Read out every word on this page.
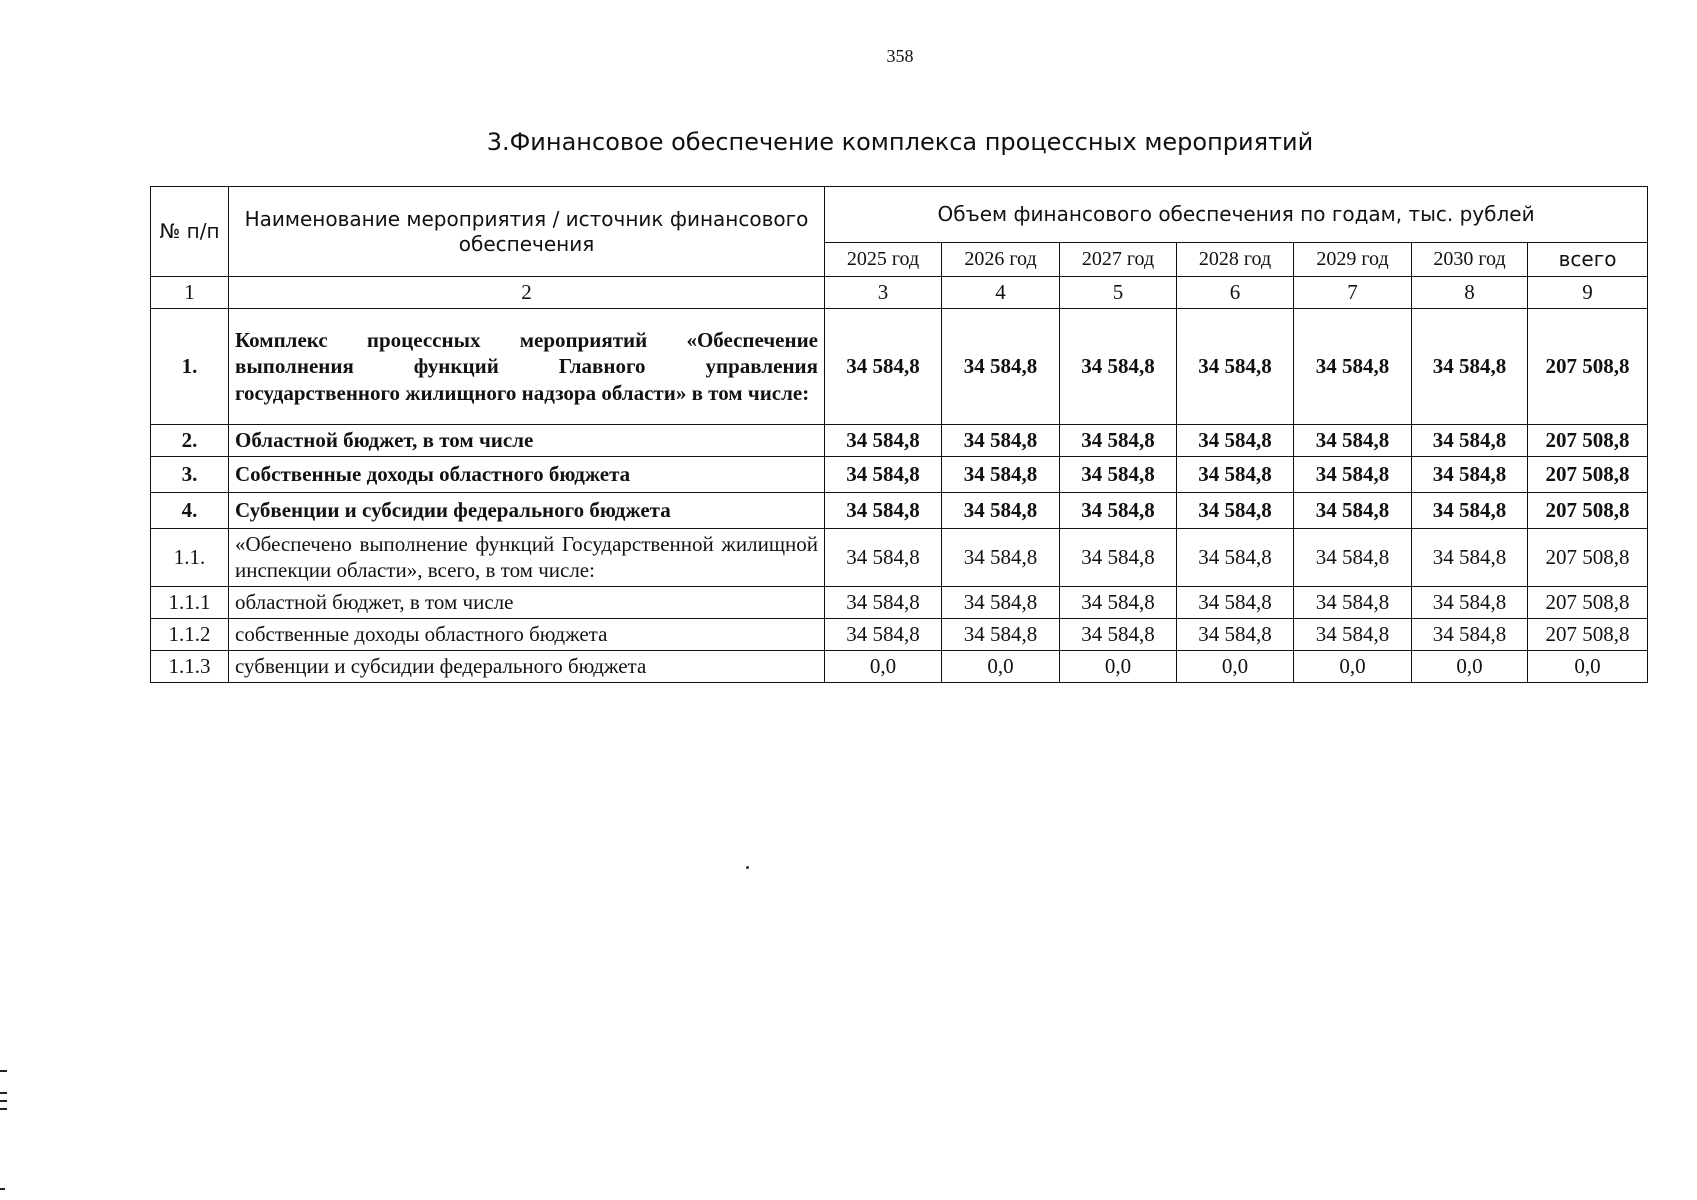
358
3.Финансовое обеспечение комплекса процессных мероприятий
№ п/п	Наименование мероприятия / источник финансового обеспечения	Объем финансового обеспечения по годам, тыс. рублей						
		2025 год	2026 год	2027 год	2028 год	2029 год	2030 год	всего
1	2	3	4	5	6	7	8	9
1.	Комплекс процессных мероприятий «Обеспечение выполнения функций Главного управления государственного жилищного надзора области» в том числе:	34 584,8	34 584,8	34 584,8	34 584,8	34 584,8	34 584,8	207 508,8
2.	Областной бюджет, в том числе	34 584,8	34 584,8	34 584,8	34 584,8	34 584,8	34 584,8	207 508,8
3.	Собственные доходы областного бюджета	34 584,8	34 584,8	34 584,8	34 584,8	34 584,8	34 584,8	207 508,8
4.	Субвенции и субсидии федерального бюджета	34 584,8	34 584,8	34 584,8	34 584,8	34 584,8	34 584,8	207 508,8
1.1.	«Обеспечено выполнение функций Государственной жилищной инспекции области», всего, в том числе:	34 584,8	34 584,8	34 584,8	34 584,8	34 584,8	34 584,8	207 508,8
1.1.1	областной бюджет, в том числе	34 584,8	34 584,8	34 584,8	34 584,8	34 584,8	34 584,8	207 508,8
1.1.2	собственные доходы областного бюджета	34 584,8	34 584,8	34 584,8	34 584,8	34 584,8	34 584,8	207 508,8
1.1.3	субвенции и субсидии федерального бюджета	0,0	0,0	0,0	0,0	0,0	0,0	0,0
